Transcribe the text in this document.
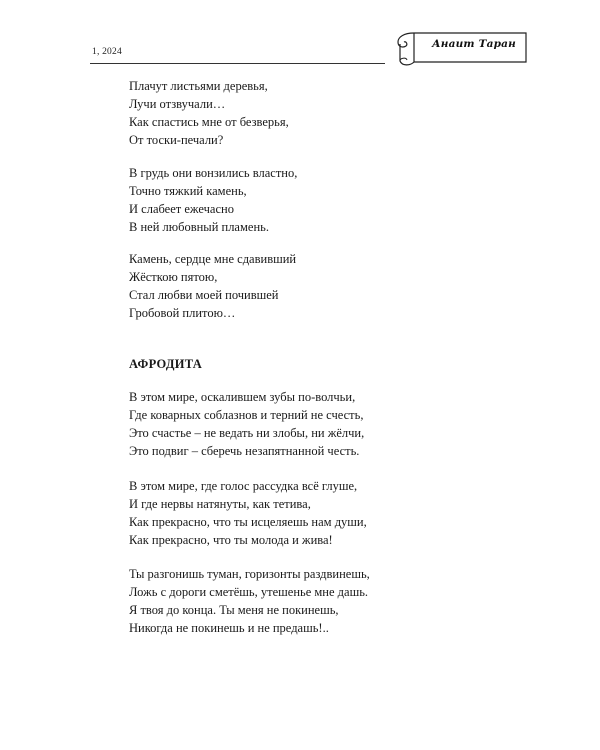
1, 2024
Анаит Таран
Плачут листьями деревья,
Лучи отзвучали…
Как спастись мне от безверья,
От тоски-печали?
В грудь они вонзились властно,
Точно тяжкий камень,
И слабеет ежечасно
В ней любовный пламень.
Камень, сердце мне сдавивший
Жёсткою пятою,
Стал любви моей почившей
Гробовой плитою…
АФРОДИТА
В этом мире, оскалившем зубы по-волчьи,
Где коварных соблазнов и терний не счесть,
Это счастье – не ведать ни злобы, ни жёлчи,
Это подвиг – сберечь незапятнанной честь.
В этом мире, где голос рассудка всё глуше,
И где нервы натянуты, как тетива,
Как прекрасно, что ты исцеляешь нам души,
Как прекрасно, что ты молода и жива!
Ты разгонишь туман, горизонты раздвинешь,
Ложь с дороги сметёшь, утешенье мне дашь.
Я твоя до конца. Ты меня не покинешь,
Никогда не покинешь и не предашь!..
